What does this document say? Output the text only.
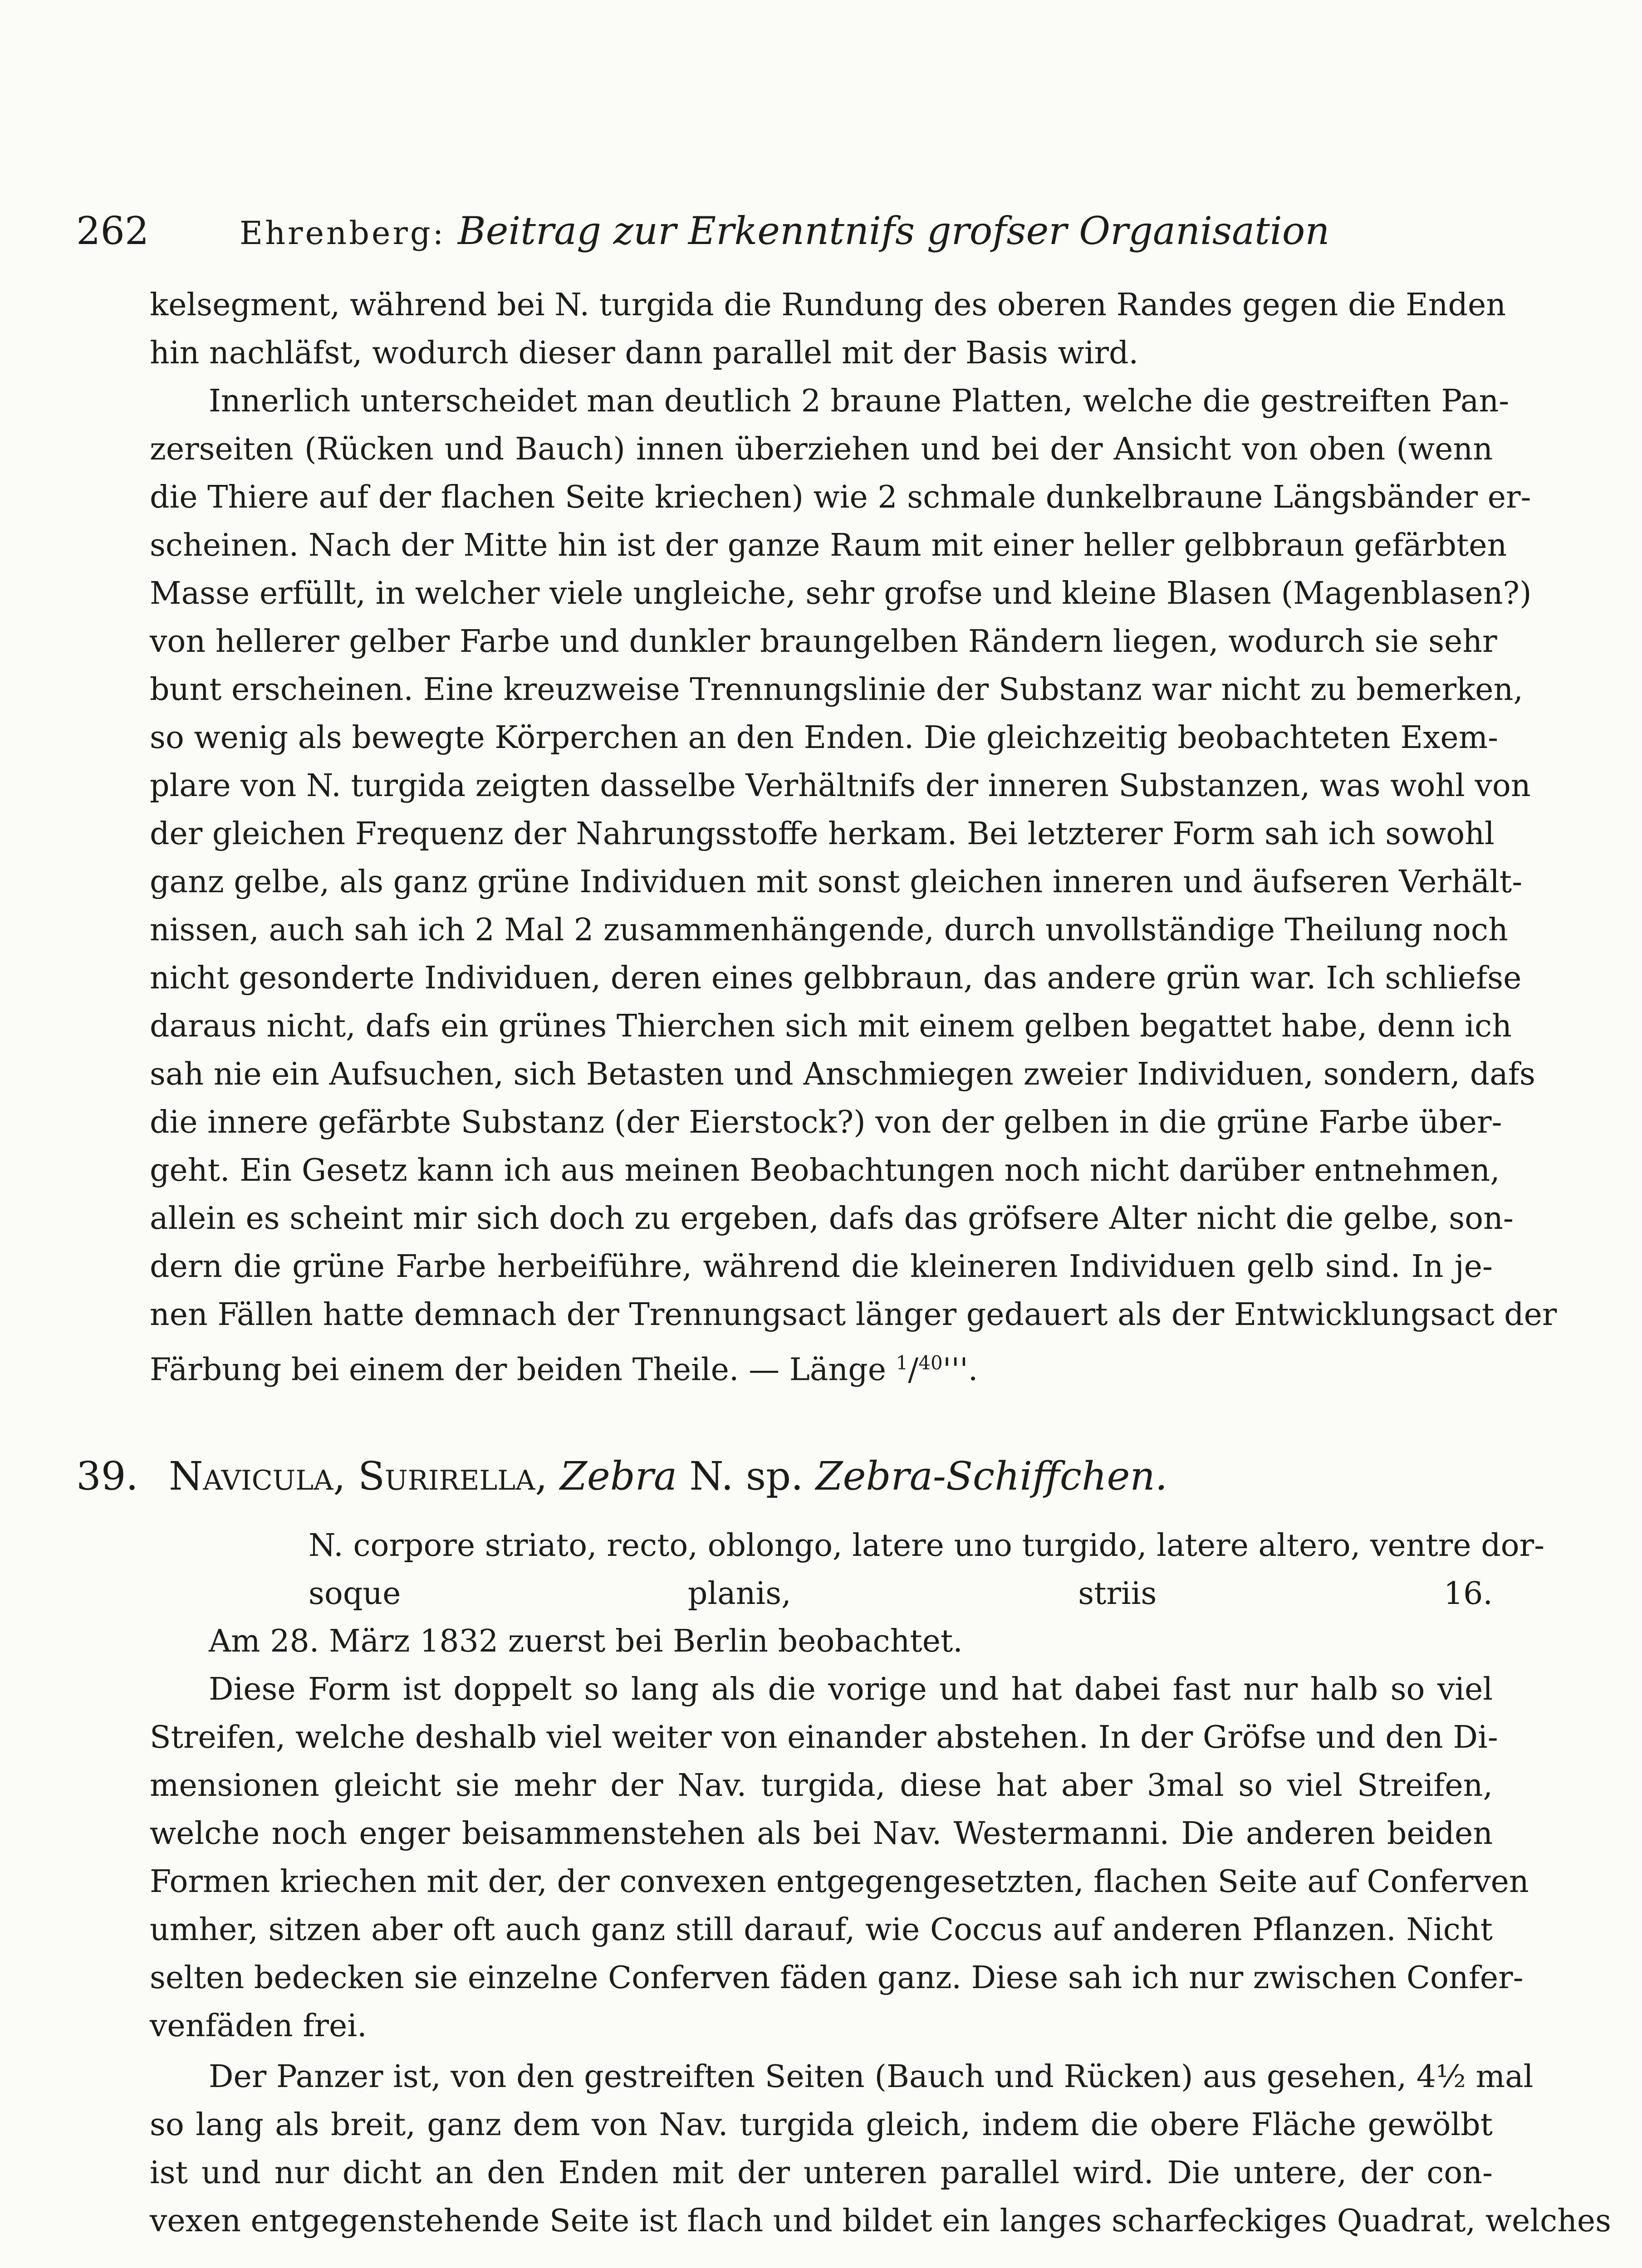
262	Ehrenberg: Beitrag zur Erkenntnifs grofser Organisation
kelsegment, während bei N. turgida die Rundung des oberen Randes gegen die Enden
hin nachläfst, wodurch dieser dann parallel mit der Basis wird.
Innerlich unterscheidet man deutlich 2 braune Platten, welche die gestreiften Pan-
zerseiten (Rücken und Bauch) innen überziehen und bei der Ansicht von oben (wenn
die Thiere auf der flachen Seite kriechen) wie 2 schmale dunkelbraune Längsbänder er-
scheinen. Nach der Mitte hin ist der ganze Raum mit einer heller gelbbraun gefärbten
Masse erfüllt, in welcher viele ungleiche, sehr grofse und kleine Blasen (Magenblasen?)
von hellerer gelber Farbe und dunkler braungelben Rändern liegen, wodurch sie sehr
bunt erscheinen. Eine kreuzweise Trennungslinie der Substanz war nicht zu bemerken,
so wenig als bewegte Körperchen an den Enden. Die gleichzeitig beobachteten Exem-
plare von N. turgida zeigten dasselbe Verhältnifs der inneren Substanzen, was wohl von
der gleichen Frequenz der Nahrungsstoffe herkam. Bei letzterer Form sah ich sowohl
ganz gelbe, als ganz grüne Individuen mit sonst gleichen inneren und äufseren Verhält-
nissen, auch sah ich 2 Mal 2 zusammenhängende, durch unvollständige Theilung noch
nicht gesonderte Individuen, deren eines gelbbraun, das andere grün war. Ich schliefse
daraus nicht, dafs ein grünes Thierchen sich mit einem gelben begattet habe, denn ich
sah nie ein Aufsuchen, sich Betasten und Anschmiegen zweier Individuen, sondern, dafs
die innere gefärbte Substanz (der Eierstock?) von der gelben in die grüne Farbe über-
geht. Ein Gesetz kann ich aus meinen Beobachtungen noch nicht darüber entnehmen,
allein es scheint mir sich doch zu ergeben, dafs das gröfsere Alter nicht die gelbe, son-
dern die grüne Farbe herbeiführe, während die kleineren Individuen gelb sind. In je-
nen Fällen hatte demnach der Trennungsact länger gedauert als der Entwicklungsact der
Färbung bei einem der beiden Theile. — Länge $^1$/$^{40}$'''.
39. Navicula, Surirella, Zebra N. sp. Zebra-Schiffchen.
N. corpore striato, recto, oblongo, latere uno turgido, latere altero, ventre dor-
soque planis, striis 16.
Am 28. März 1832 zuerst bei Berlin beobachtet.
Diese Form ist doppelt so lang als die vorige und hat dabei fast nur halb so viel
Streifen, welche deshalb viel weiter von einander abstehen. In der Gröfse und den Di-
mensionen gleicht sie mehr der Nav. turgida, diese hat aber 3mal so viel Streifen,
welche noch enger beisammenstehen als bei Nav. Westermanni. Die anderen beiden
Formen kriechen mit der, der convexen entgegengesetzten, flachen Seite auf Conferven
umher, sitzen aber oft auch ganz still darauf, wie Coccus auf anderen Pflanzen. Nicht
selten bedecken sie einzelne Conferven fäden ganz. Diese sah ich nur zwischen Confer-
venfäden frei.
Der Panzer ist, von den gestreiften Seiten (Bauch und Rücken) aus gesehen, 4½ mal
so lang als breit, ganz dem von Nav. turgida gleich, indem die obere Fläche gewölbt
ist und nur dicht an den Enden mit der unteren parallel wird. Die untere, der con-
vexen entgegenstehende Seite ist flach und bildet ein langes scharfeckiges Quadrat, welches
